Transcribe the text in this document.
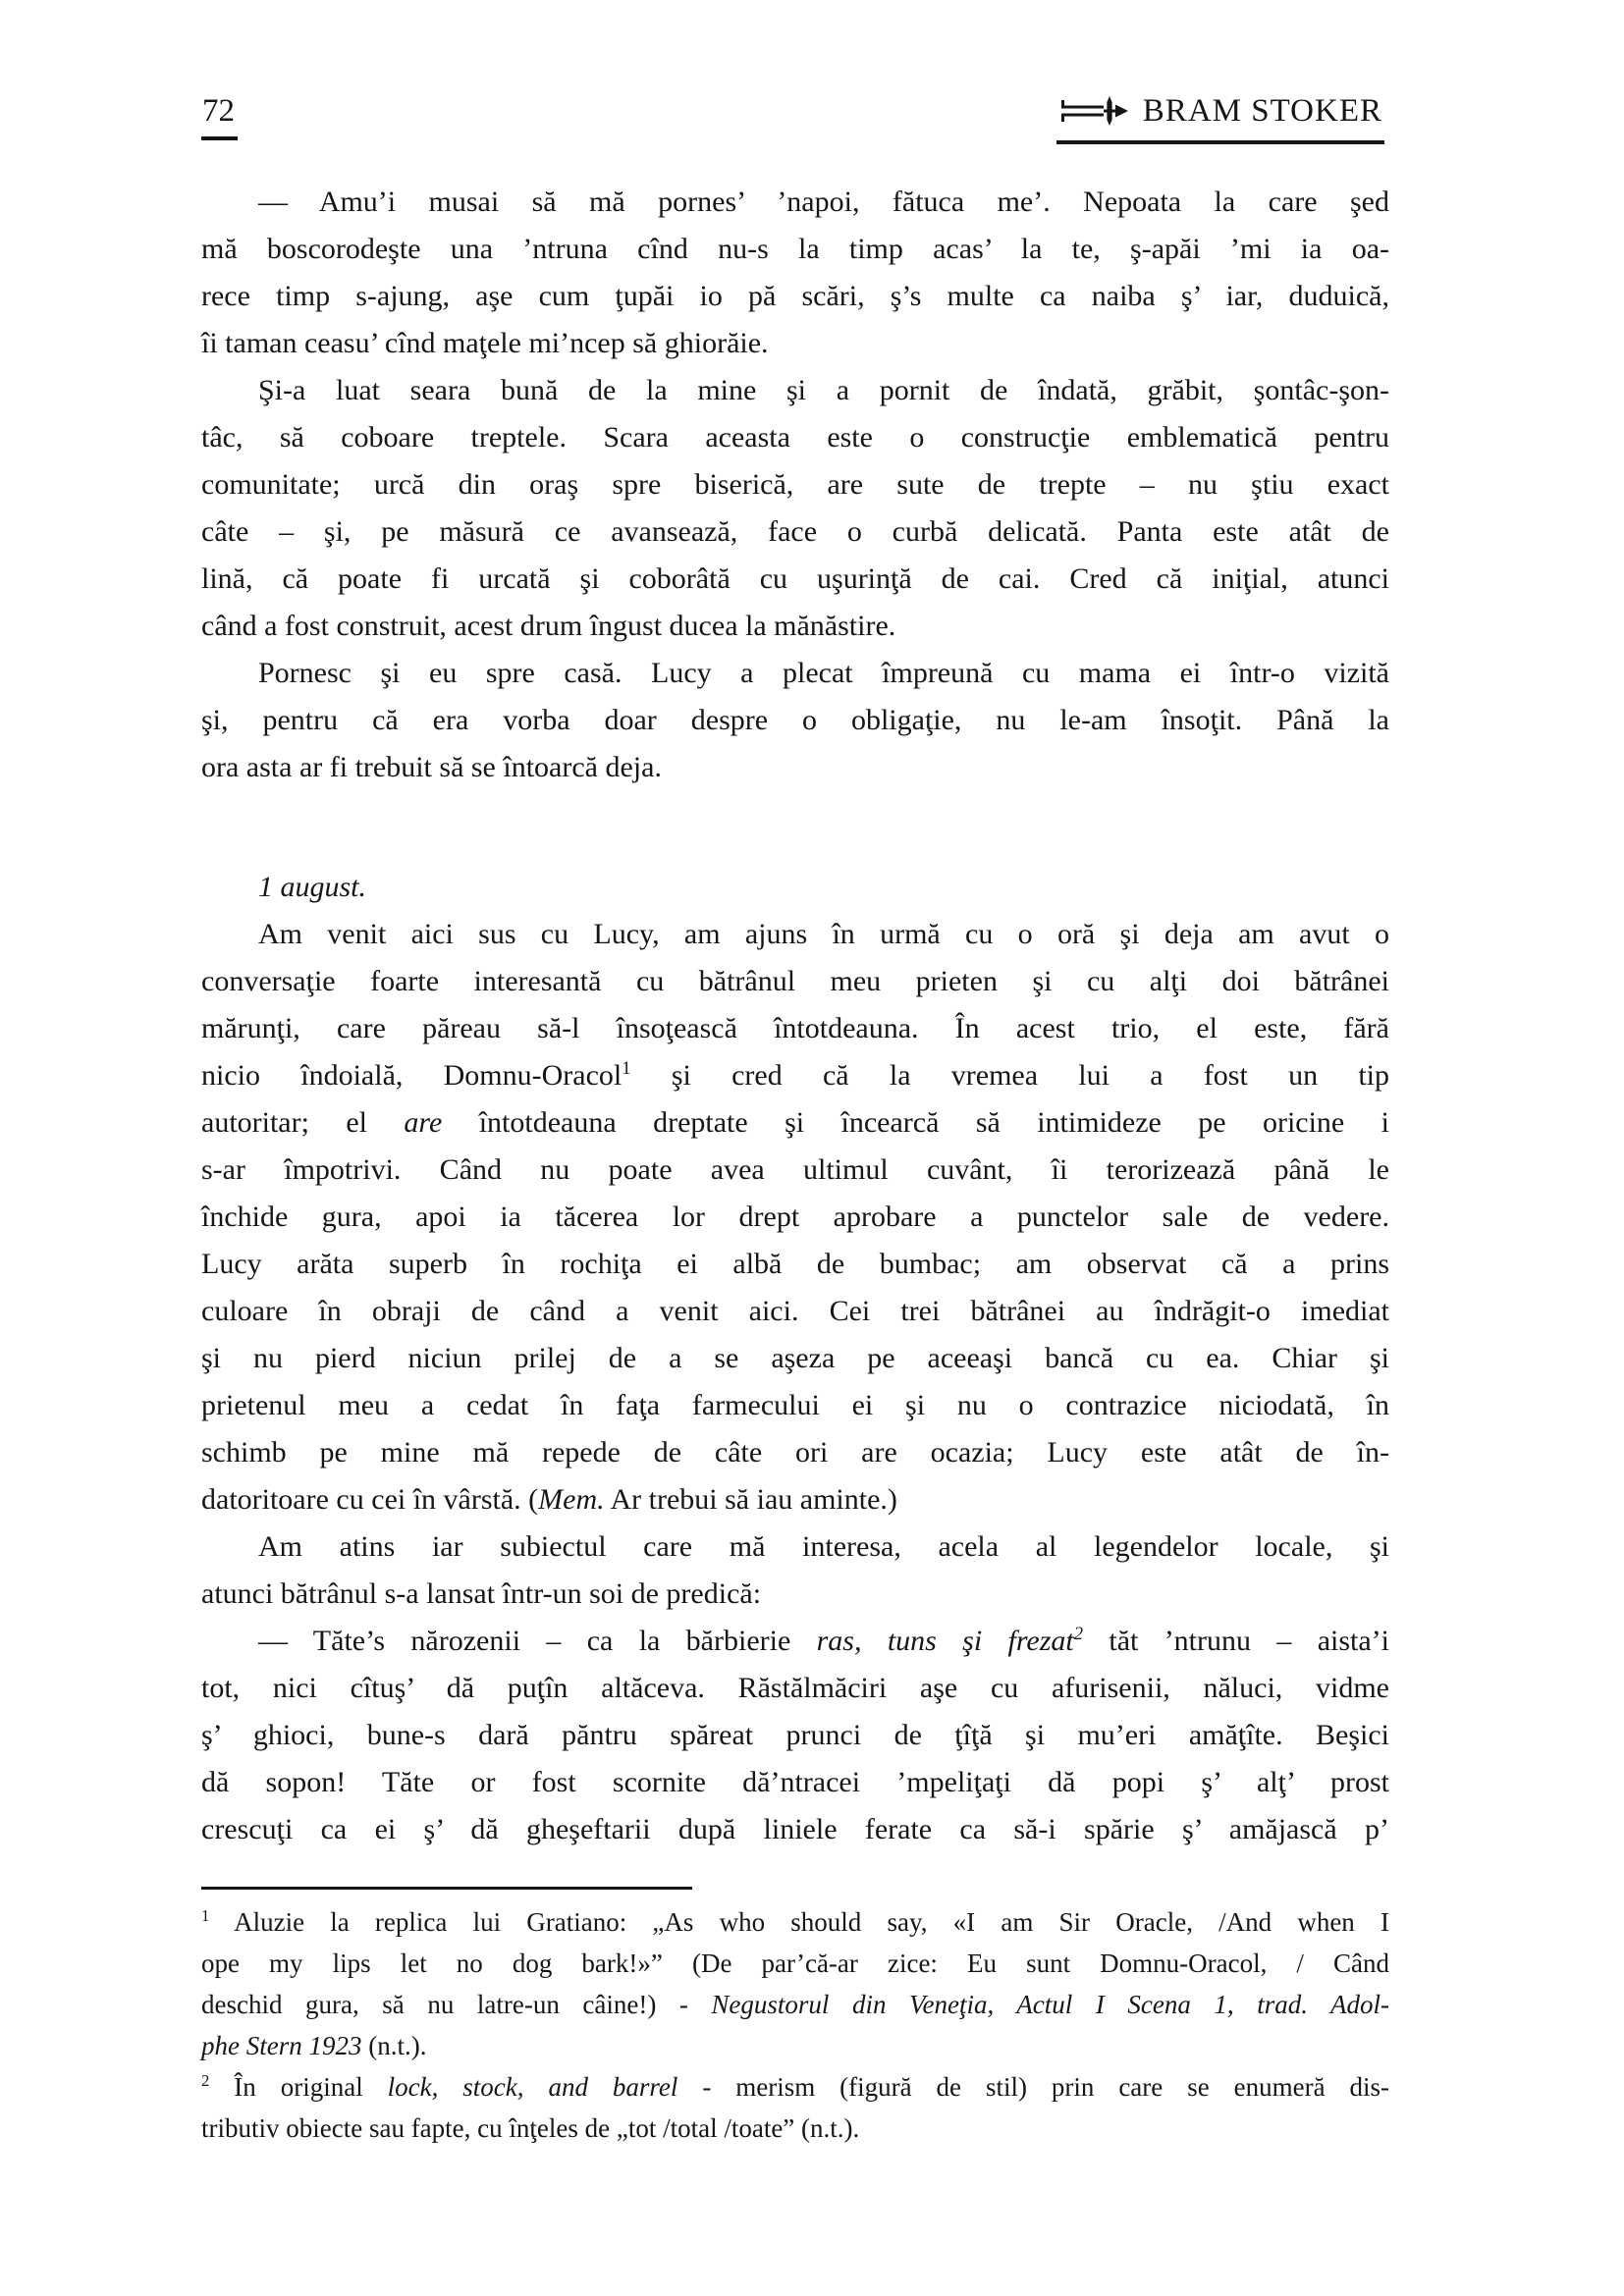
72	BRAM STOKER
— Amu’i musai să mă pornes’ ’napoi, fătuca me’. Nepoata la care şed
mă boscorodeşte una ’ntruna cînd nu-s la timp acas’ la te, ş-apăi ’mi ia oa-
rece timp s-ajung, aşe cum ţupăi io pă scări, ş’s multe ca naiba ş’ iar, duduică,
îi taman ceasu’ cînd maţele mi’ncep să ghiorăie.
Şi-a luat seara bună de la mine şi a pornit de îndată, grăbit, şontâc-şon-
tâc, să coboare treptele. Scara aceasta este o construcţie emblematică pentru
comunitate; urcă din oraş spre biserică, are sute de trepte – nu ştiu exact
câte – şi, pe măsură ce avansează, face o curbă delicată. Panta este atât de
lină, că poate fi urcată şi coborâtă cu uşurinţă de cai. Cred că iniţial, atunci
când a fost construit, acest drum îngust ducea la mănăstire.
Pornesc şi eu spre casă. Lucy a plecat împreună cu mama ei într-o vizită
şi, pentru că era vorba doar despre o obligaţie, nu le-am însoţit. Până la
ora asta ar fi trebuit să se întoarcă deja.
1 august.
Am venit aici sus cu Lucy, am ajuns în urmă cu o oră şi deja am avut o
conversaţie foarte interesantă cu bătrânul meu prieten şi cu alţi doi bătrânei
mărunţi, care păreau să-l însoţească întotdeauna. În acest trio, el este, fără
nicio îndoială, Domnu-Oracol$^1$ şi cred că la vremea lui a fost un tip
autoritar; el are întotdeauna dreptate şi încearcă să intimideze pe oricine i
s-ar împotrivi. Când nu poate avea ultimul cuvânt, îi terorizează până le
închide gura, apoi ia tăcerea lor drept aprobare a punctelor sale de vedere.
Lucy arăta superb în rochiţa ei albă de bumbac; am observat că a prins
culoare în obraji de când a venit aici. Cei trei bătrânei au îndrăgit-o imediat
şi nu pierd niciun prilej de a se aşeza pe aceeaşi bancă cu ea. Chiar şi
prietenul meu a cedat în faţa farmecului ei şi nu o contrazice niciodată, în
schimb pe mine mă repede de câte ori are ocazia; Lucy este atât de în-
datoritoare cu cei în vârstă. (Mem. Ar trebui să iau aminte.)
Am atins iar subiectul care mă interesa, acela al legendelor locale, şi
atunci bătrânul s-a lansat într-un soi de predică:
— Tăte’s nărozenii – ca la bărbierie ras, tuns şi frezat$^2$ tăt ’ntrunu – aista’i
tot, nici cîtuş’ dă puţîn altăceva. Răstălmăciri aşe cu afurisenii, năluci, vidme
ş’ ghioci, bune-s dară păntru spăreat prunci de ţîţă şi mu’eri amăţîte. Beşici
dă sopon! Tăte or fost scornite dă’ntracei ’mpeliţaţi dă popi ş’ alţ’ prost
crescuţi ca ei ş’ dă gheşeftarii după liniele ferate ca să-i spărie ş’ amăjască p’
$^1$ Aluzie la replica lui Gratiano: „As who should say, «I am Sir Oracle, /And when I
ope my lips let no dog bark!»” (De par’că-ar zice: Eu sunt Domnu-Oracol, / Când
deschid gura, să nu latre-un câine!) - Negustorul din Veneţia, Actul I Scena 1, trad. Adol-
phe Stern 1923 (n.t.).
$^2$ În original lock, stock, and barrel - merism (figură de stil) prin care se enumeră dis-
tributiv obiecte sau fapte, cu înţeles de „tot /total /toate” (n.t.).
